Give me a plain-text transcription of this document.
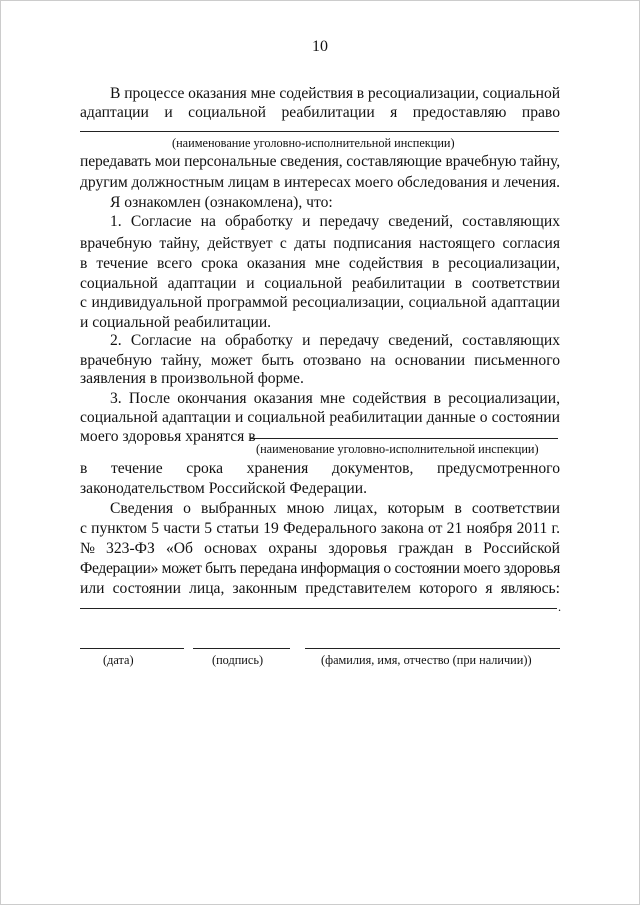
10
(наименование уголовно-исполнительной инспекции)
(наименование уголовно-исполнительной инспекции)
.
(дата)	(подпись)	(фамилия, имя, отчество (при наличии))
В процессе оказания мне содействия в ресоциализации, социальной
адаптации и социальной реабилитации я предоставляю право
передавать мои персональные сведения, составляющие врачебную тайну,
другим должностным лицам в интересах моего обследования и лечения.
Я ознакомлен (ознакомлена), что:
1. Согласие на обработку и передачу сведений, составляющих
врачебную тайну, действует с даты подписания настоящего согласия
в течение всего срока оказания мне содействия в ресоциализации,
социальной адаптации и социальной реабилитации в соответствии
с индивидуальной программой ресоциализации, социальной адаптации
и социальной реабилитации.
2. Согласие на обработку и передачу сведений, составляющих
врачебную тайну, может быть отозвано на основании письменного
заявления в произвольной форме.
3. После окончания оказания мне содействия в ресоциализации,
социальной адаптации и социальной реабилитации данные о состоянии
моего здоровья хранятся в
в течение срока хранения документов, предусмотренного
законодательством Российской Федерации.
Сведения о выбранных мною лицах, которым в соответствии
с пунктом 5 части 5 статьи 19 Федерального закона от 21 ноября 2011 г.
№ 323-ФЗ «Об основах охраны здоровья граждан в Российской
Федерации» может быть передана информация о состоянии моего здоровья
или состоянии лица, законным представителем которого я являюсь:
